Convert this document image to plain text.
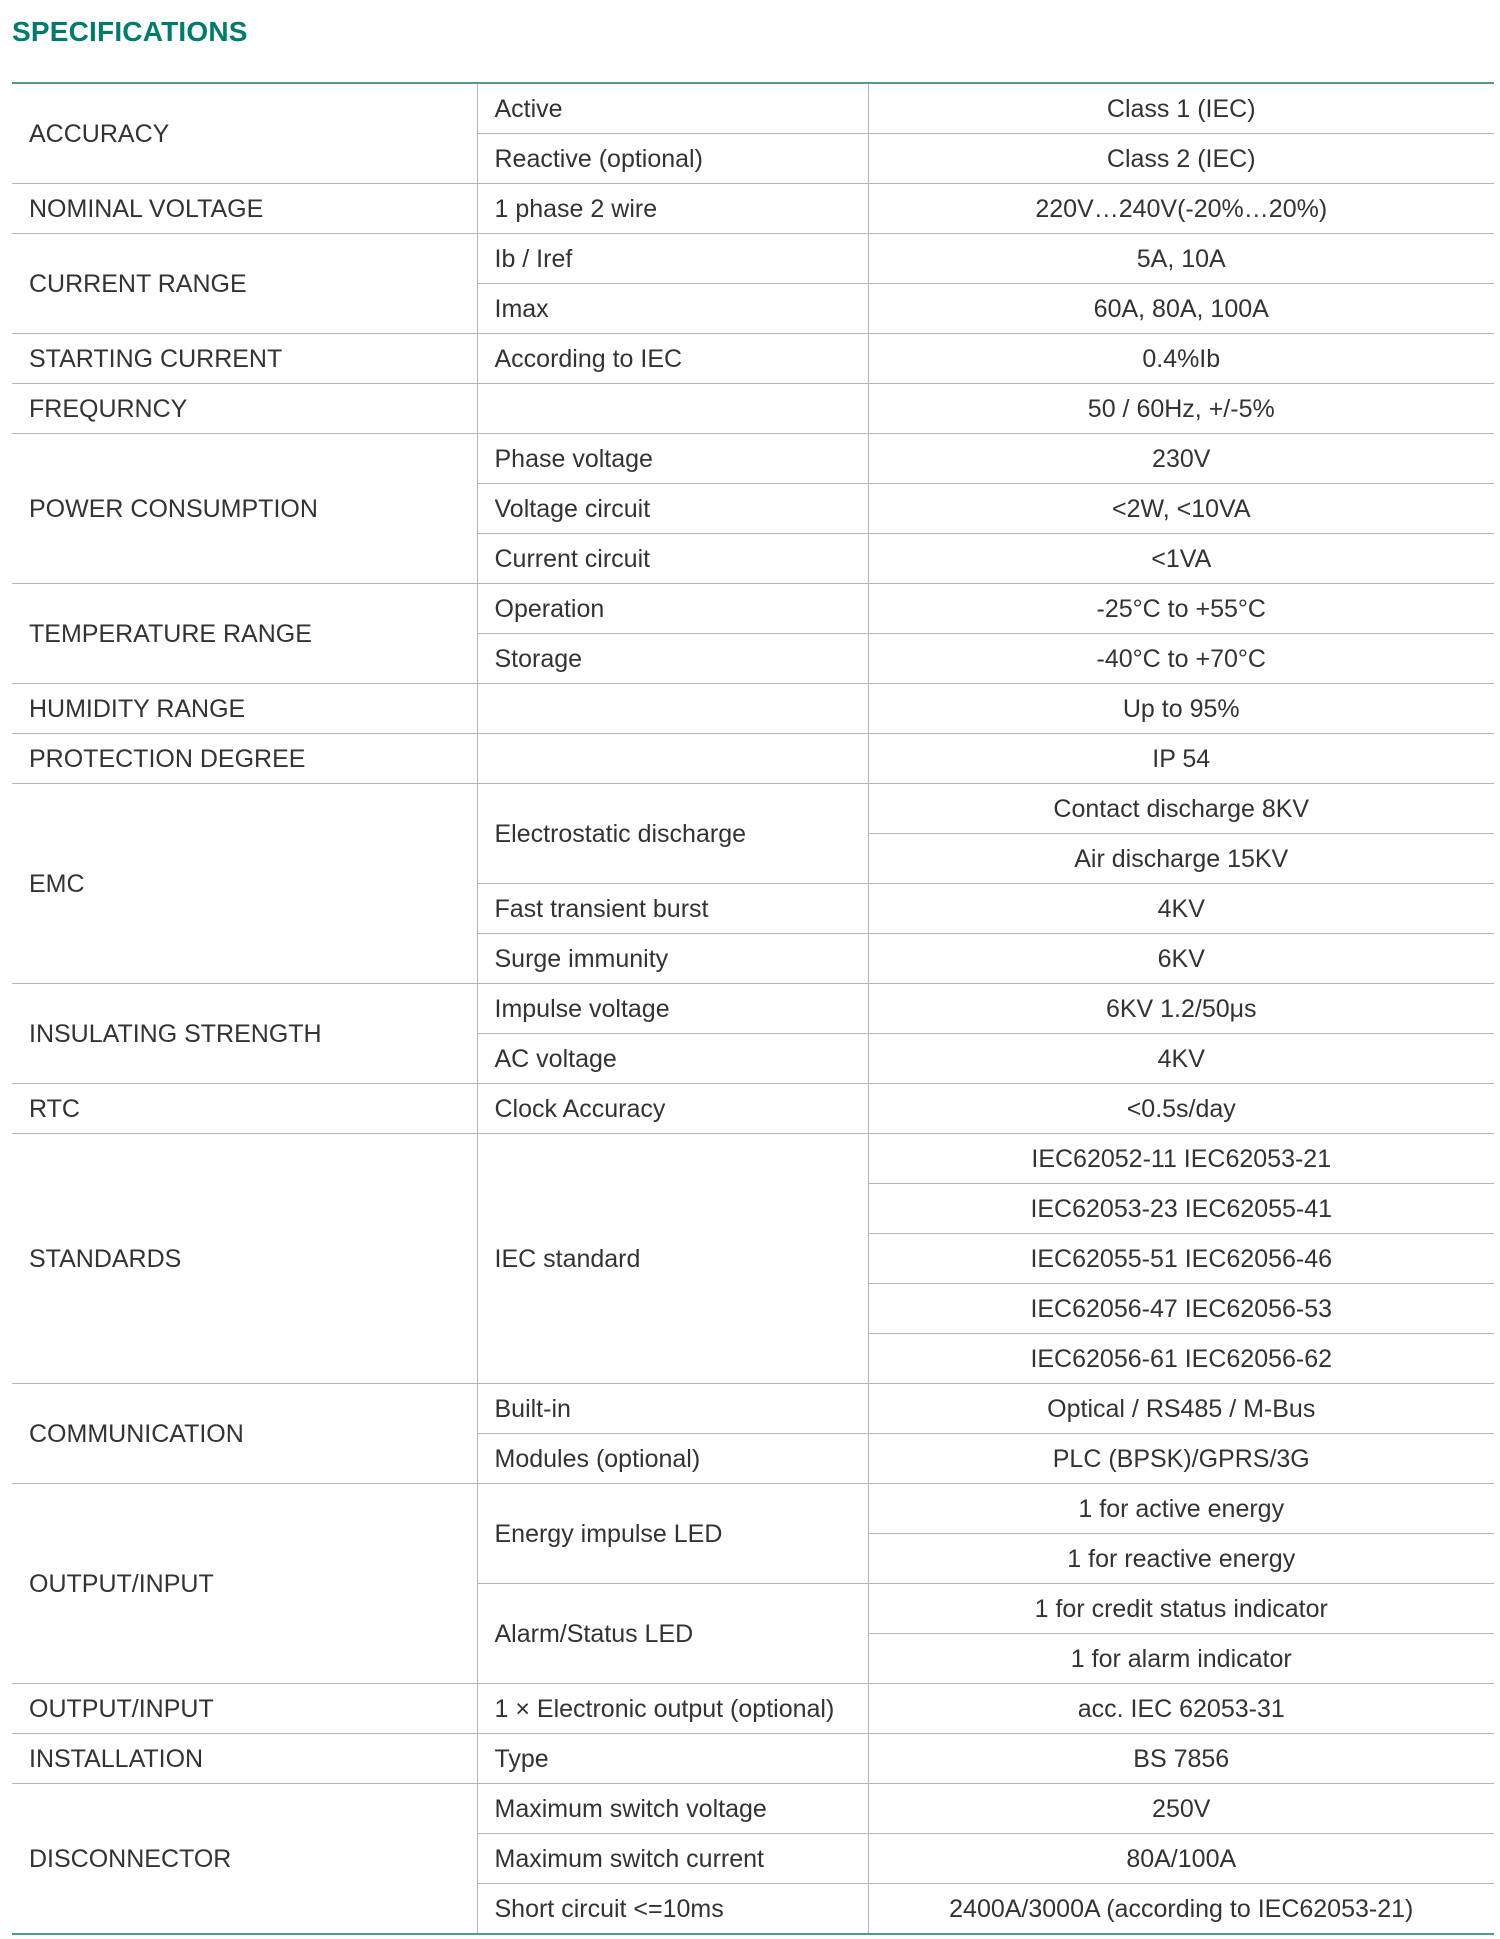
SPECIFICATIONS
ACCURACY	Active	Class 1 (IEC)
	Reactive (optional)	Class 2 (IEC)
NOMINAL VOLTAGE	1 phase 2 wire	220V…240V(-20%…20%)
CURRENT RANGE	Ib / Iref	5A, 10A
	Imax	60A, 80A, 100A
STARTING CURRENT	According to IEC	0.4%Ib
FREQURNCY		50 / 60Hz, +/-5%
POWER CONSUMPTION	Phase voltage	230V
	Voltage circuit	<2W, <10VA
	Current circuit	<1VA
TEMPERATURE RANGE	Operation	-25°C to +55°C
	Storage	-40°C to +70°C
HUMIDITY RANGE		Up to 95%
PROTECTION DEGREE		IP 54
EMC	Electrostatic discharge	Contact discharge 8KV
		Air discharge 15KV
	Fast transient burst	4KV
	Surge immunity	6KV
INSULATING STRENGTH	Impulse voltage	6KV 1.2/50μs
	AC voltage	4KV
RTC	Clock Accuracy	<0.5s/day
STANDARDS	IEC standard	IEC62052-11 IEC62053-21
		IEC62053-23 IEC62055-41
		IEC62055-51 IEC62056-46
		IEC62056-47 IEC62056-53
		IEC62056-61 IEC62056-62
COMMUNICATION	Built-in	Optical / RS485 / M-Bus
	Modules (optional)	PLC (BPSK)/GPRS/3G
OUTPUT/INPUT	Energy impulse LED	1 for active energy
		1 for reactive energy
	Alarm/Status LED	1 for credit status indicator
		1 for alarm indicator
OUTPUT/INPUT	1 × Electronic output (optional)	acc. IEC 62053-31
INSTALLATION	Type	BS 7856
DISCONNECTOR	Maximum switch voltage	250V
	Maximum switch current	80A/100A
	Short circuit <=10ms	2400A/3000A (according to IEC62053-21)
